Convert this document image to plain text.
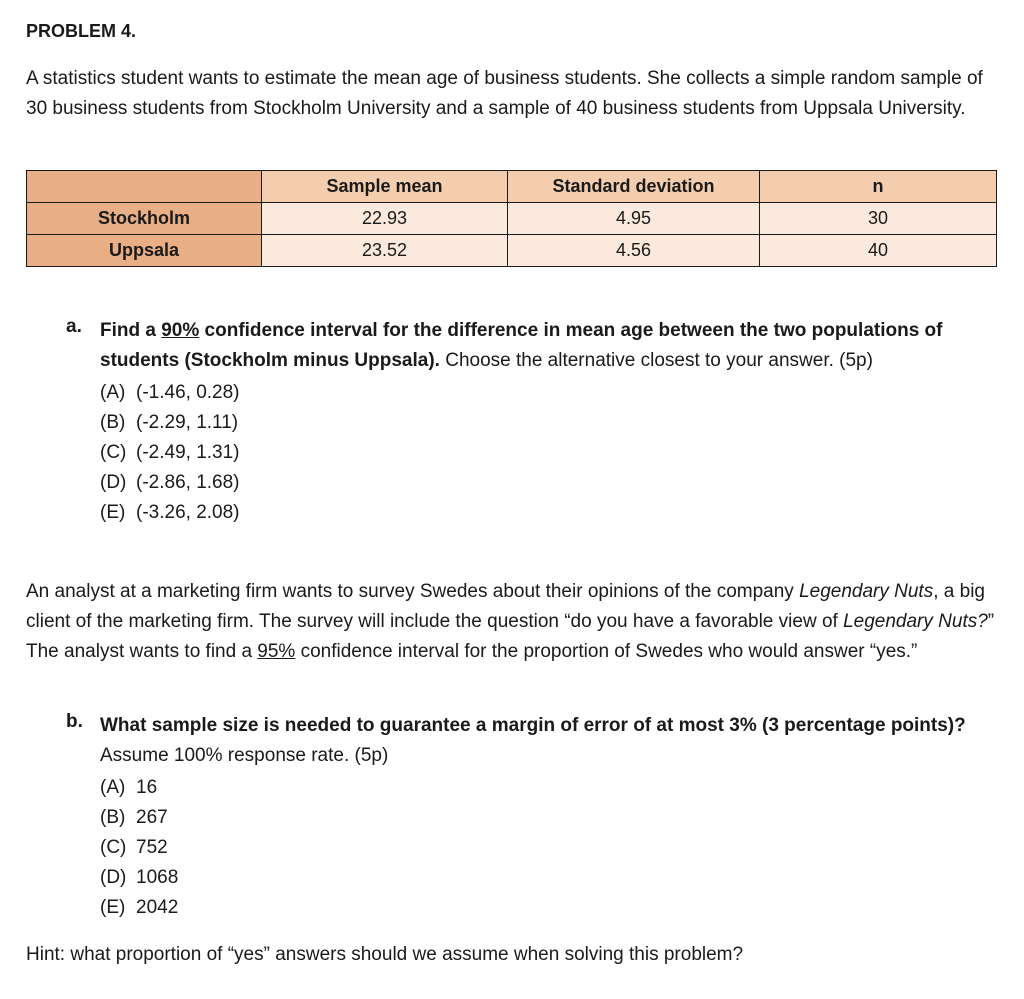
PROBLEM 4.
A statistics student wants to estimate the mean age of business students. She collects a simple random sample of 30 business students from Stockholm University and a sample of 40 business students from Uppsala University.
	Sample mean	Standard deviation	n
Stockholm	22.93	4.95	30
Uppsala	23.52	4.56	40
a. Find a 90% confidence interval for the difference in mean age between the two populations of students (Stockholm minus Uppsala). Choose the alternative closest to your answer. (5p)
(A) (-1.46, 0.28)
(B) (-2.29, 1.11)
(C) (-2.49, 1.31)
(D) (-2.86, 1.68)
(E) (-3.26, 2.08)
An analyst at a marketing firm wants to survey Swedes about their opinions of the company Legendary Nuts, a big client of the marketing firm. The survey will include the question “do you have a favorable view of Legendary Nuts?” The analyst wants to find a 95% confidence interval for the proportion of Swedes who would answer “yes.”
b. What sample size is needed to guarantee a margin of error of at most 3% (3 percentage points)? Assume 100% response rate. (5p)
(A) 16
(B) 267
(C) 752
(D) 1068
(E) 2042
Hint: what proportion of “yes” answers should we assume when solving this problem?
